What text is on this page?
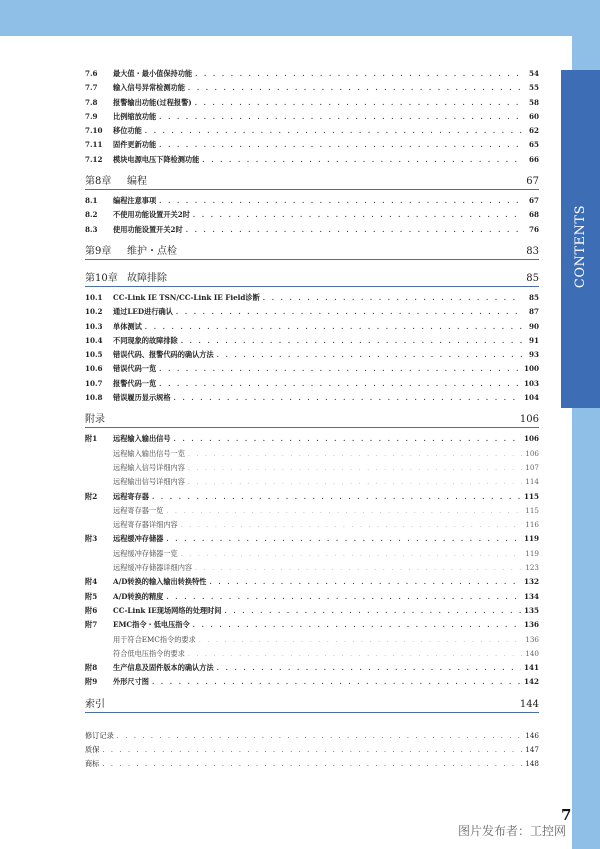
CONTENTS
7.6	最大值・最小值保持功能 . . .	54
7.7	输入信号异常检测功能 . . .	55
7.8	报警输出功能(过程报警) . . .	58
7.9	比例缩放功能 . . .	60
7.10	移位功能 . . .	62
7.11	固件更新功能 . . .	65
7.12	模块电源电压下降检测功能 . . .	66
第8章	编程	67
8.1	编程注意事项 . . .	67
8.2	不使用功能设置开关2时 . . .	68
8.3	使用功能设置开关2时 . . .	76
第9章	维护・点检	83
第10章 故障排除	85
10.1	CC-Link IE TSN/CC-Link IE Field诊断 . . .	85
10.2	通过LED进行确认 . . .	87
10.3	单体测试 . . .	90
10.4	不同现象的故障排除 . . .	91
10.5	错误代码、报警代码的确认方法 . . .	93
10.6	错误代码一览 . . .	100
10.7	报警代码一览 . . .	103
10.8	错误履历显示规格 . . .	104
附录	106
附1	远程输入输出信号 . . .	106
远程输入输出信号一览 . . .	106
远程输入信号详细内容 . . .	107
远程输出信号详细内容 . . .	114
附2	远程寄存器 . . .	115
远程寄存器一览 . . .	115
远程寄存器详细内容 . . .	116
附3	远程缓冲存储器 . . .	119
远程缓冲存储器一览 . . .	119
远程缓冲存储器详细内容 . . .	123
附4	A/D转换的输入输出转换特性 . . .	132
附5	A/D转换的精度 . . .	134
附6	CC-Link IE现场网络的处理时间 . . .	135
附7	EMC指令・低电压指令 . . .	136
用于符合EMC指令的要求 . . .	136
符合低电压指令的要求 . . .	140
附8	生产信息及固件版本的确认方法 . . .	141
附9	外形尺寸图 . . .	142
索引	144
修订记录 . . .	146
质保 . . .	147
商标 . . .	148
7
图片发布者：工控网
